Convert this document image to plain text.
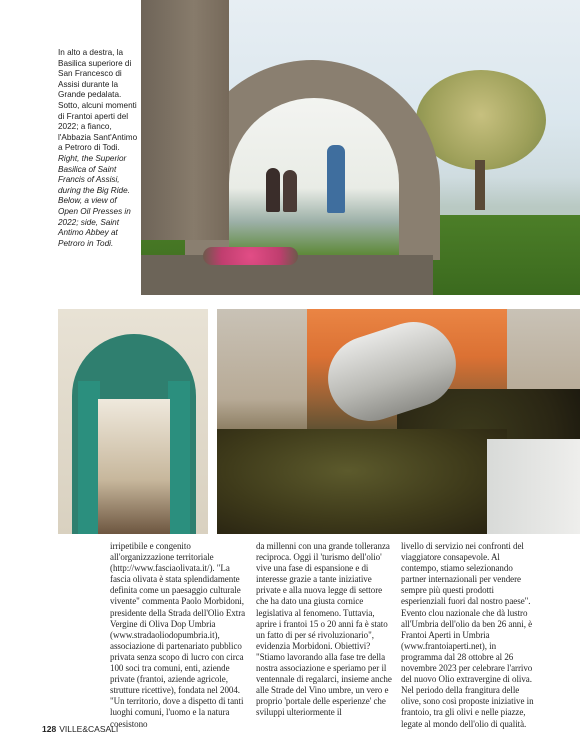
In alto a destra, la Basilica superiore di San Francesco di Assisi durante la Grande pedalata. Sotto, alcuni momenti di Frantoi aperti del 2022; a fianco, l'Abbazia Sant'Antimo a Petroro di Todi.

Right, the Superior Basilica of Saint Francis of Assisi, during the Big Ride. Below, a view of Open Oil Presses in 2022; side, Saint Antimo Abbey at Petroro in Todi.

irripetibile e congenito all'organizzazione territoriale (http://www.fasciaolivata.it/). "La fascia olivata è stata splendidamente definita come un paesaggio culturale vivente" commenta Paolo Morbidoni, presidente della Strada dell'Olio Extra Vergine di Oliva Dop Umbria (www.stradaoliodopumbria.it), associazione di partenariato pubblico privata senza scopo di lucro con circa 100 soci tra comuni, enti, aziende private (frantoi, aziende agricole, strutture ricettive), fondata nel 2004. "Un territorio, dove a dispetto di tanti luoghi comuni, l'uomo e la natura coesistono

da millenni con una grande tolleranza reciproca. Oggi il 'turismo dell'olio' vive una fase di espansione e di interesse grazie a tante iniziative private e alla nuova legge di settore che ha dato una giusta cornice legislativa al fenomeno. Tuttavia, aprire i frantoi 15 o 20 anni fa è stato un fatto di per sé rivoluzionario", evidenzia Morbidoni. Obiettivi? "Stiamo lavorando alla fase tre della nostra associazione e speriamo per il ventennale di regalarci, insieme anche alle Strade del Vino umbre, un vero e proprio 'portale delle esperienze' che sviluppi ulteriormente il

livello di servizio nei confronti del viaggiatore consapevole. Al contempo, stiamo selezionando partner internazionali per vendere sempre più questi prodotti esperienziali fuori dal nostro paese". Evento clou nazionale che dà lustro all'Umbria dell'olio da ben 26 anni, è Frantoi Aperti in Umbria (www.frantoiaperti.net), in programma dal 28 ottobre al 26 novembre 2023 per celebrare l'arrivo del nuovo Olio extravergine di oliva. Nel periodo della frangitura delle olive, sono così proposte iniziative in frantoio, tra gli olivi e nelle piazze, legate al mondo dell'olio di qualità.

128 VILLE&CASALI
